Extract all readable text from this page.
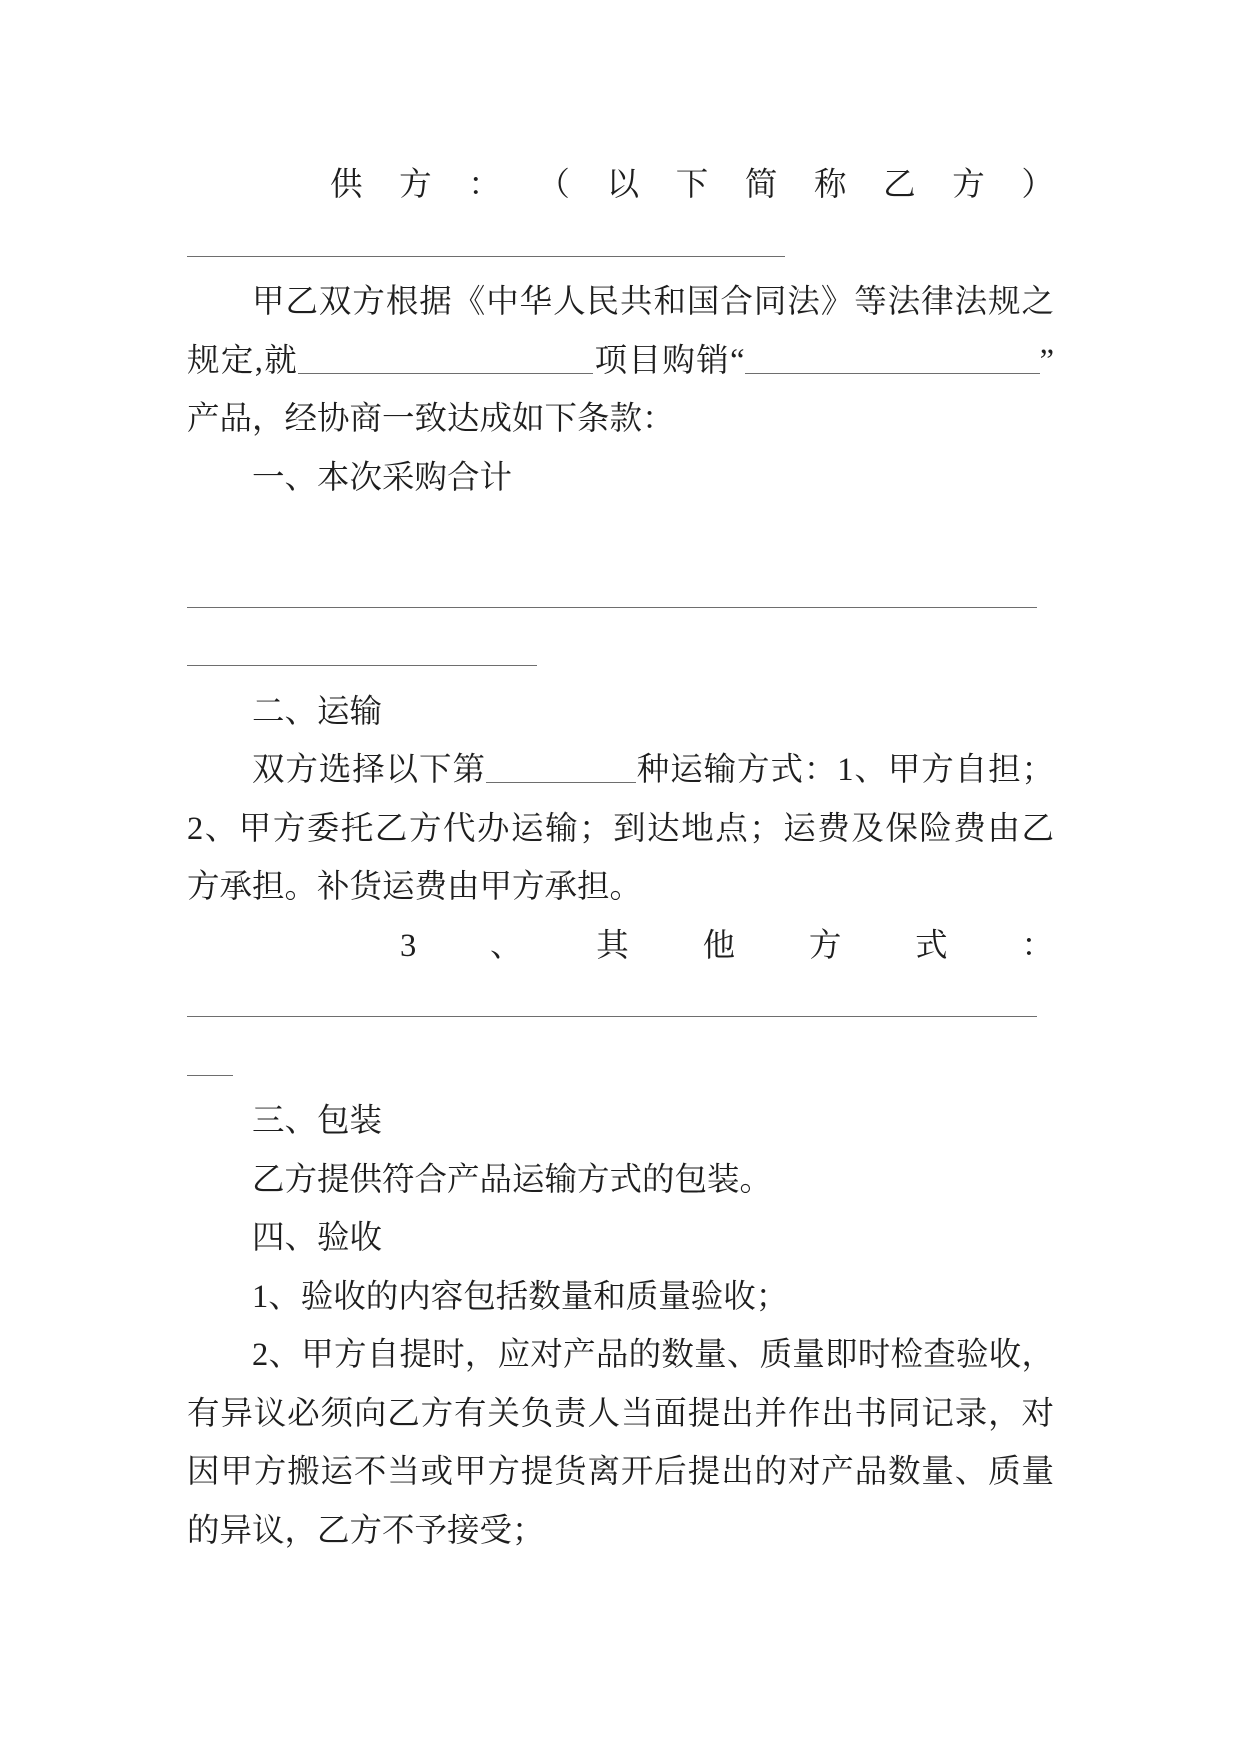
供 方 ： （ 以 下 简 称 乙 方 ）
甲乙双方根据《中华人民共和国合同法》等法律法规之
规定,就	项目购销“	”
产品，经协商一致达成如下条款：
一、本次采购合计
二、运输
双方选择以下第	种运输方式：1、甲方自担；
2、甲方委托乙方代办运输；到达地点；运费及保险费由乙
方承担。补货运费由甲方承担。
3 、 其 他 方 式 ：
三、包装
乙方提供符合产品运输方式的包装。
四、验收
1、验收的内容包括数量和质量验收；
2、甲方自提时，应对产品的数量、质量即时检查验收，
有异议必须向乙方有关负责人当面提出并作出书同记录，对
因甲方搬运不当或甲方提货离开后提出的对产品数量、质量
的异议，乙方不予接受；
